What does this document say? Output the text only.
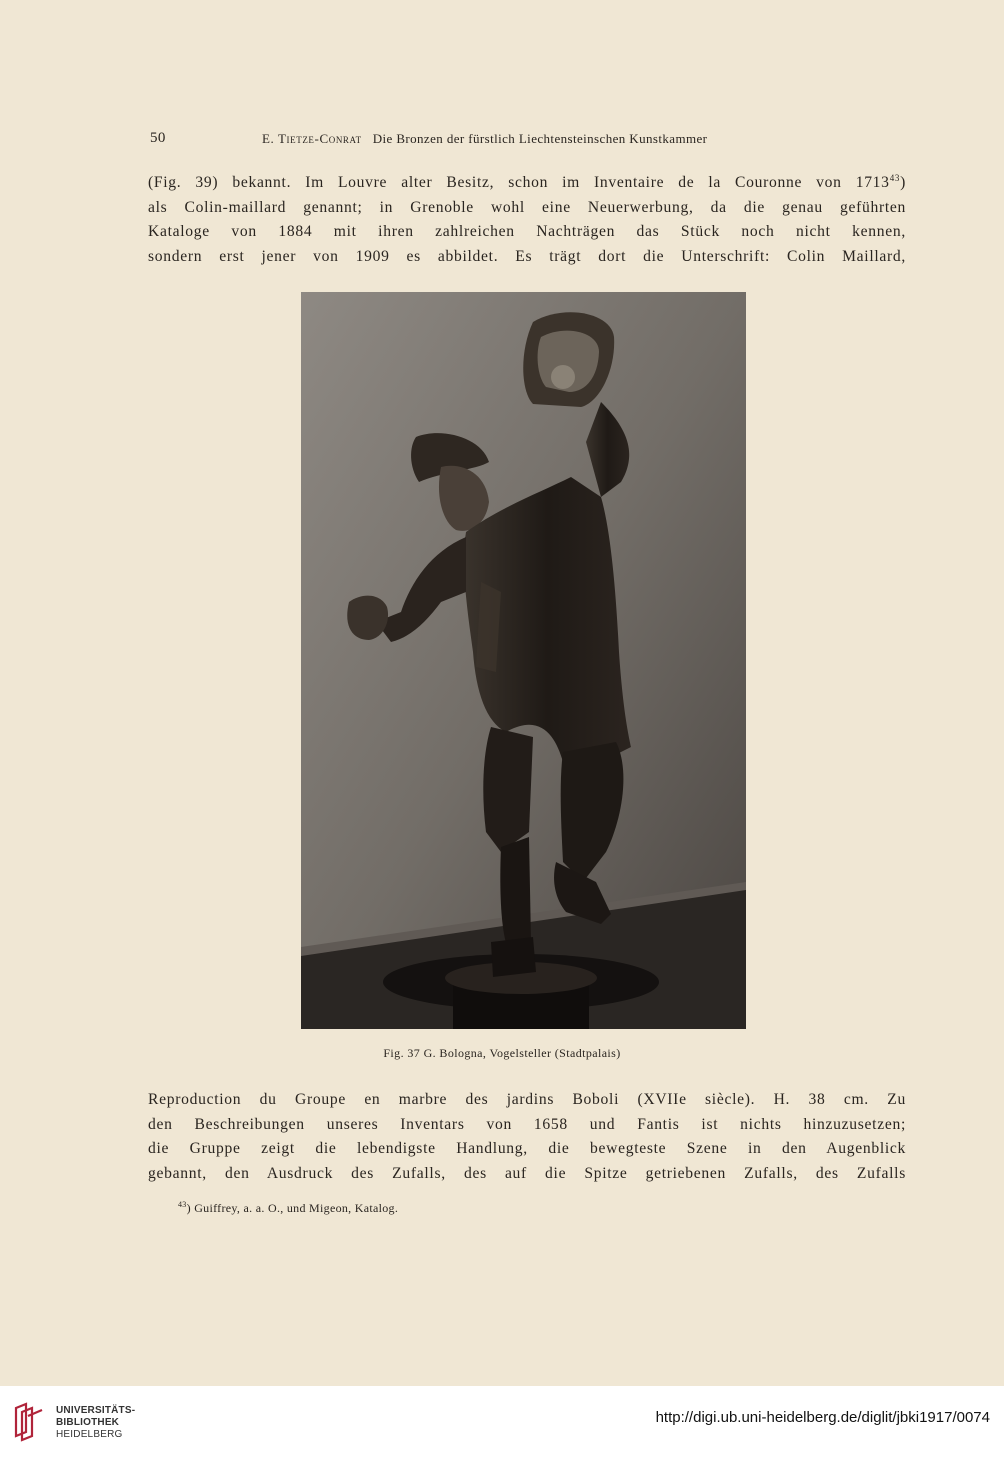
50	E. Tietze-Conrat Die Bronzen der fürstlich Liechtensteinschen Kunstkammer
(Fig. 39) bekannt. Im Louvre alter Besitz, schon im Inventaire de la Couronne von 1713$^{43}$)
als Colin-maillard genannt; in Grenoble wohl eine Neuerwerbung, da die genau geführten
Kataloge von 1884 mit ihren zahlreichen Nachträgen das Stück noch nicht kennen,
sondern erst jener von 1909 es abbildet. Es trägt dort die Unterschrift: Colin Maillard,
Fig. 37 G. Bologna, Vogelsteller (Stadtpalais)
Reproduction du Groupe en marbre des jardins Boboli (XVIIe siècle). H. 38 cm. Zu
den Beschreibungen unseres Inventars von 1658 und Fantis ist nichts hinzuzusetzen;
die Gruppe zeigt die lebendigste Handlung, die bewegteste Szene in den Augenblick
gebannt, den Ausdruck des Zufalls, des auf die Spitze getriebenen Zufalls, des Zufalls
$^{43}$) Guiffrey, a. a. O., und Migeon, Katalog.
UNIVERSITÄTS-
BIBLIOTHEK
HEIDELBERG
http://digi.ub.uni-heidelberg.de/diglit/jbki1917/0074
